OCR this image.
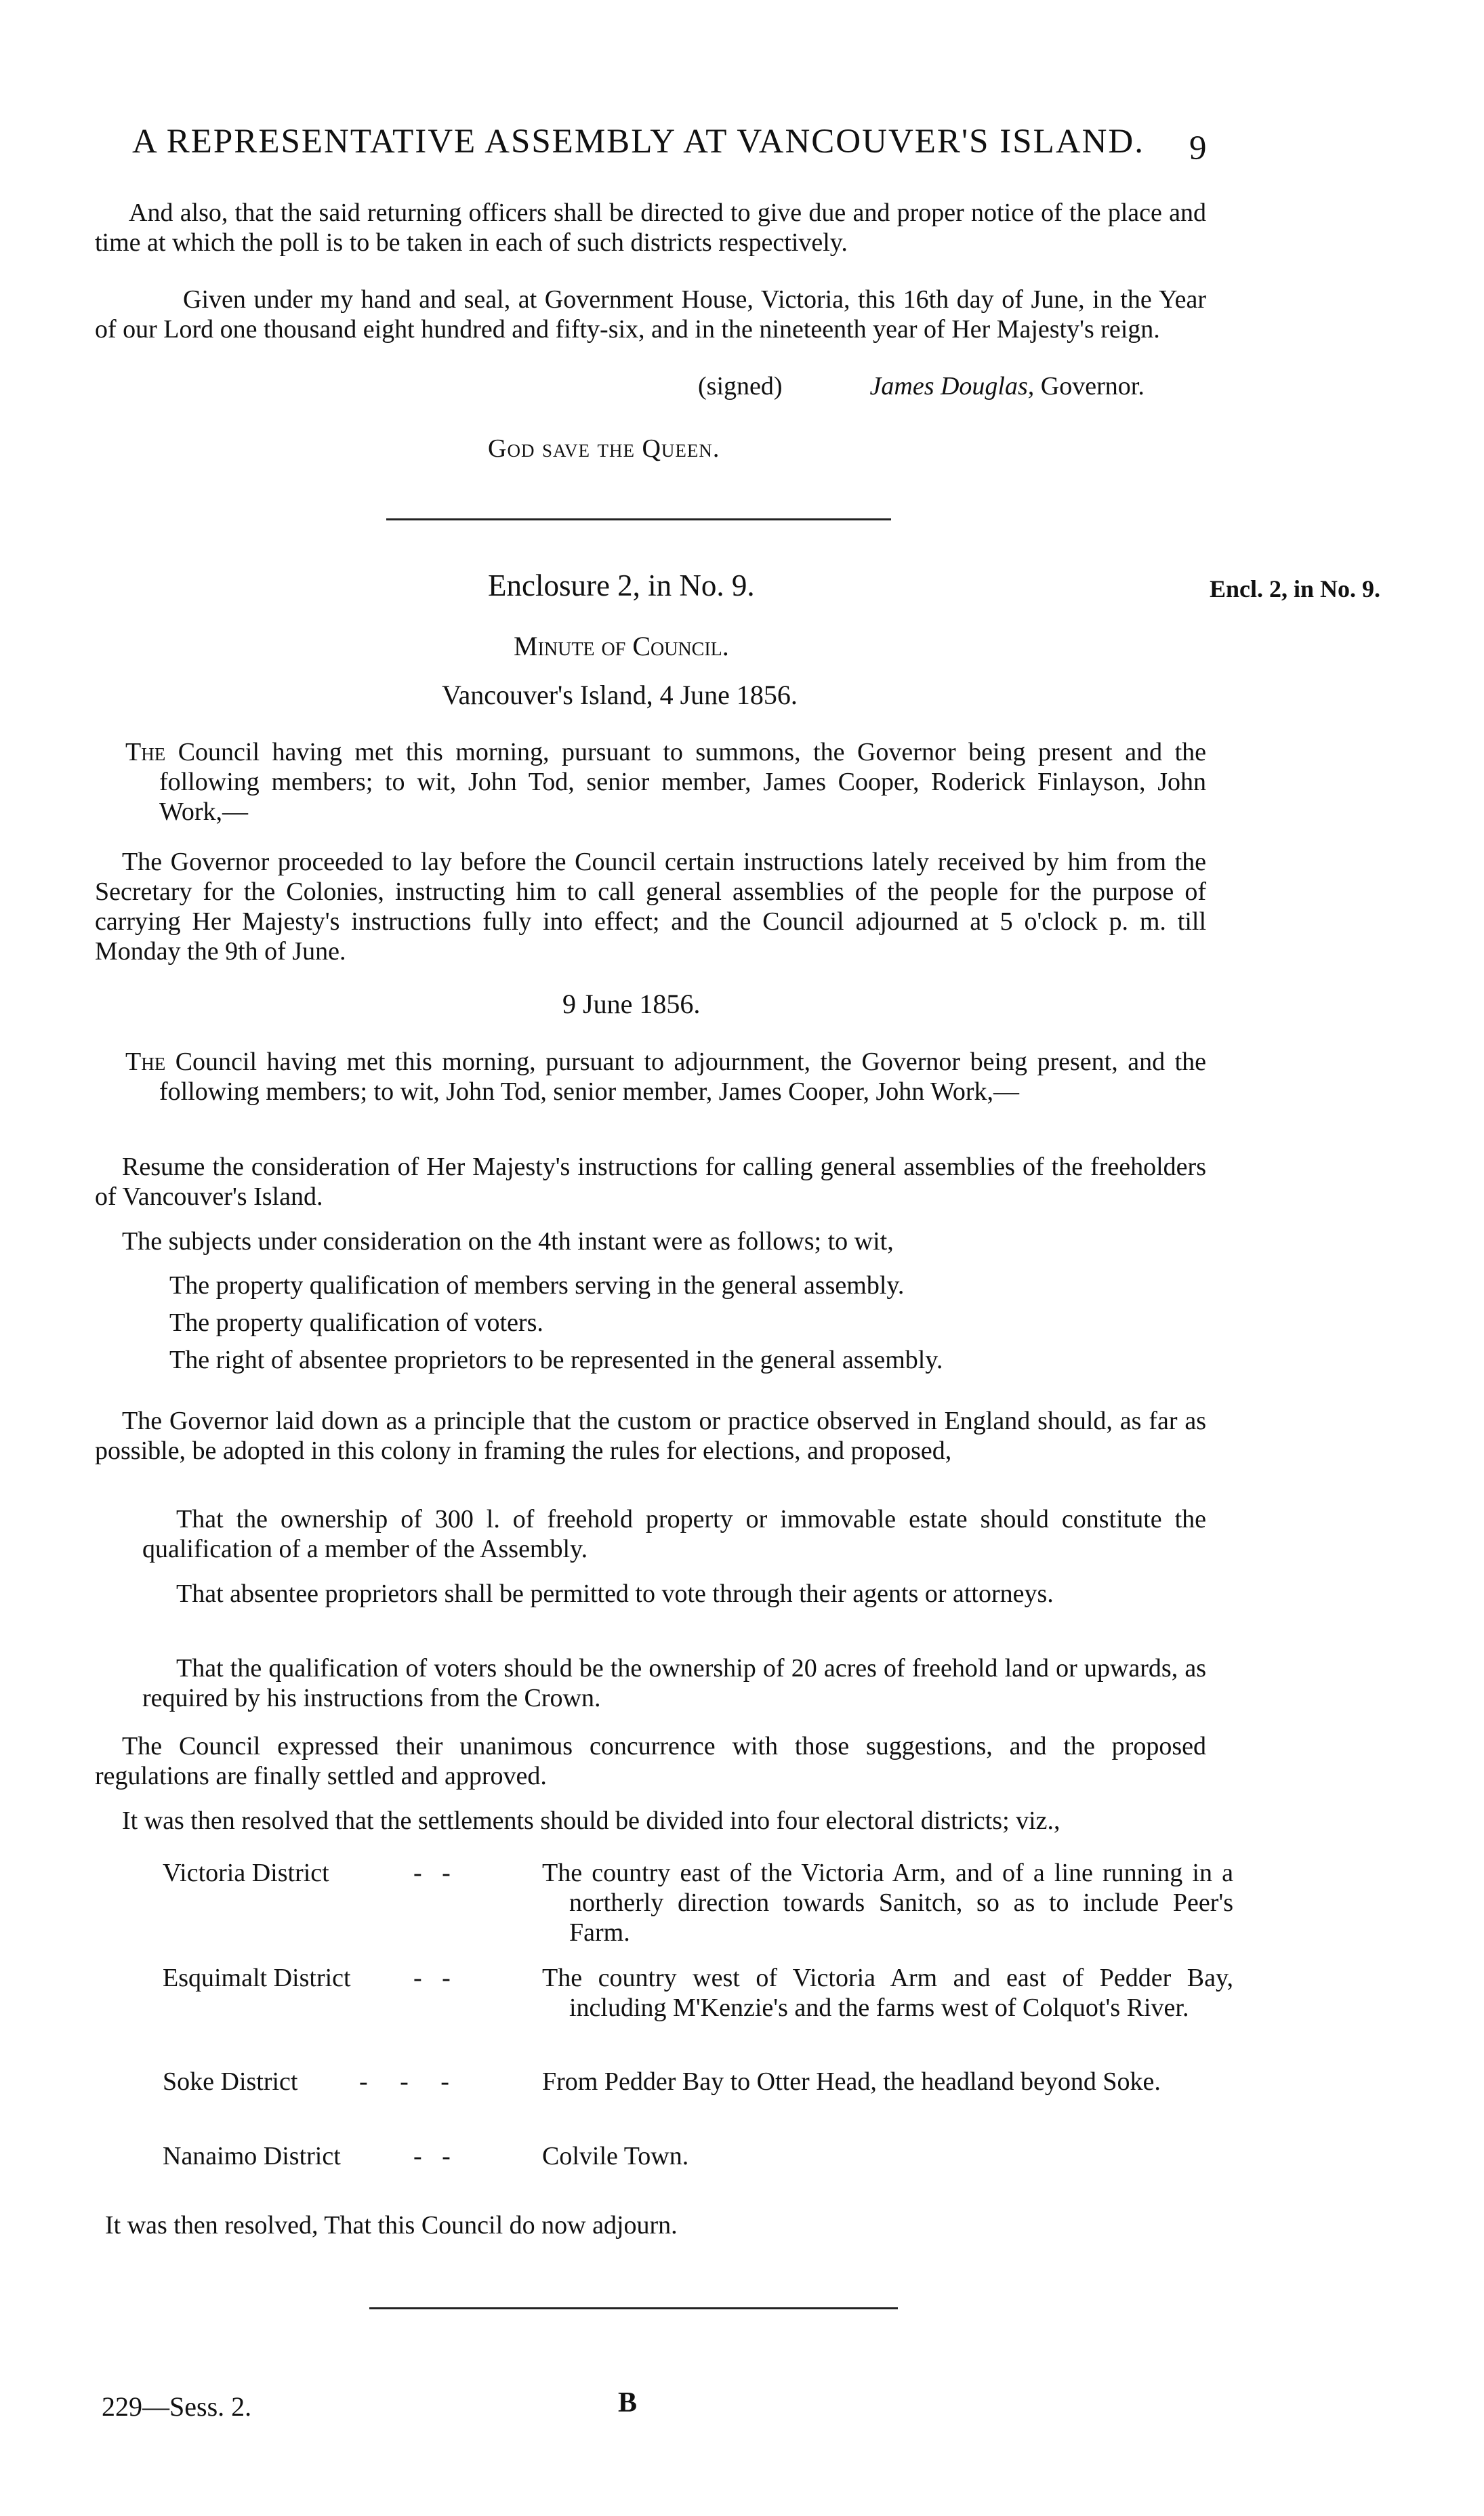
A REPRESENTATIVE ASSEMBLY AT VANCOUVER'S ISLAND.	9
And also, that the said returning officers shall be directed to give due and proper notice of the place and time at which the poll is to be taken in each of such districts respectively.
Given under my hand and seal, at Government House, Victoria, this 16th day of June, in the Year of our Lord one thousand eight hundred and fifty-six, and in the nineteenth year of Her Majesty's reign.
(signed)	James Douglas, Governor.
God save the Queen.
Enclosure 2, in No. 9.	Encl. 2, in No. 9.
Minute of Council.
Vancouver's Island, 4 June 1856.

The Council having met this morning, pursuant to summons, the Governor being present and the following members; to wit, John Tod, senior member, James Cooper, Roderick Finlayson, John Work,—

The Governor proceeded to lay before the Council certain instructions lately received by him from the Secretary for the Colonies, instructing him to call general assemblies of the people for the purpose of carrying Her Majesty's instructions fully into effect; and the Council adjourned at 5 o'clock p. m. till Monday the 9th of June.
9 June 1856.

The Council having met this morning, pursuant to adjournment, the Governor being present, and the following members; to wit, John Tod, senior member, James Cooper, John Work,—

Resume the consideration of Her Majesty's instructions for calling general assemblies of the freeholders of Vancouver's Island.
The subjects under consideration on the 4th instant were as follows; to wit,
The property qualification of members serving in the general assembly.
The property qualification of voters.
The right of absentee proprietors to be represented in the general assembly.
The Governor laid down as a principle that the custom or practice observed in England should, as far as possible, be adopted in this colony in framing the rules for elections, and proposed,
That the ownership of 300 l. of freehold property or immovable estate should constitute the qualification of a member of the Assembly.
That absentee proprietors shall be permitted to vote through their agents or attorneys.
That the qualification of voters should be the ownership of 20 acres of freehold land or upwards, as required by his instructions from the Crown.
The Council expressed their unanimous concurrence with those suggestions, and the proposed regulations are finally settled and approved.
It was then resolved that the settlements should be divided into four electoral districts; viz.,
Victoria District	- -	The country east of the Victoria Arm, and of a line running in a northerly direction towards Sanitch, so as to include Peer's Farm.
Esquimalt District - -	The country west of Victoria Arm and east of Pedder Bay, including M'Kenzie's and the farms west of Colquot's River.
Soke District - - -	From Pedder Bay to Otter Head, the headland beyond Soke.
Nanaimo District	- -	Colvile Town.
It was then resolved, That this Council do now adjourn.
229—Sess. 2.	B
